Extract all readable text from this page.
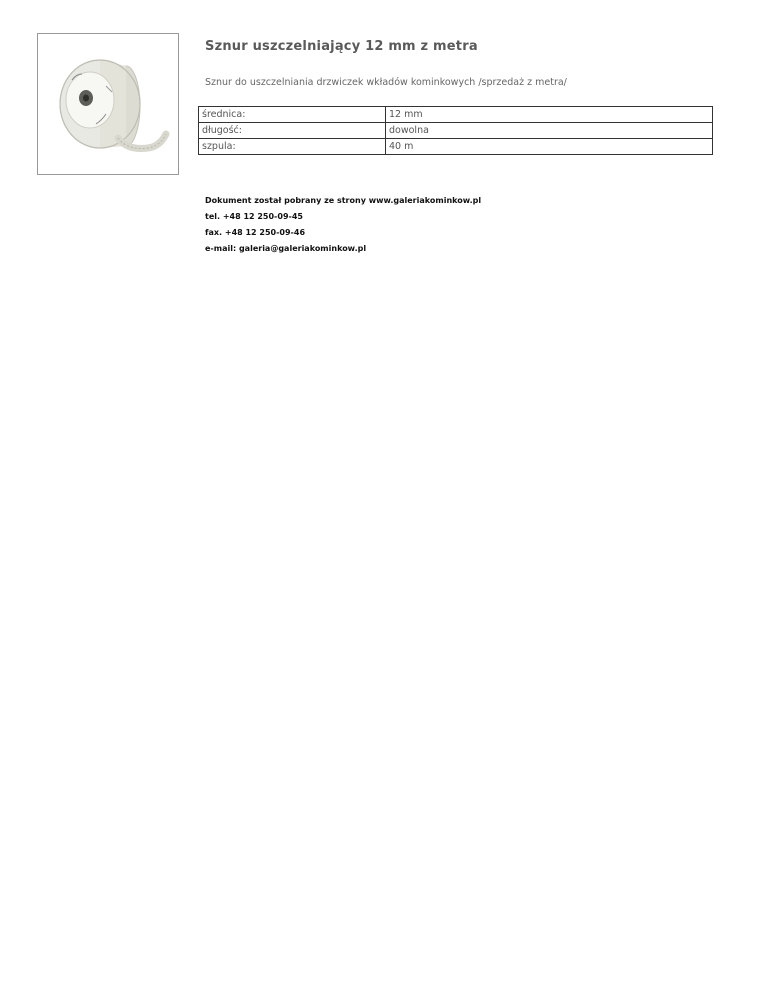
Sznur uszczelniający 12 mm z metra
Sznur do uszczelniania drzwiczek wkładów kominkowych /sprzedaż z metra/
średnica:	12 mm
długość:	dowolna
szpula:	40 m
Dokument został pobrany ze strony www.galeriakominkow.pl
tel. +48 12 250-09-45
fax. +48 12 250-09-46
e-mail: galeria@galeriakominkow.pl
